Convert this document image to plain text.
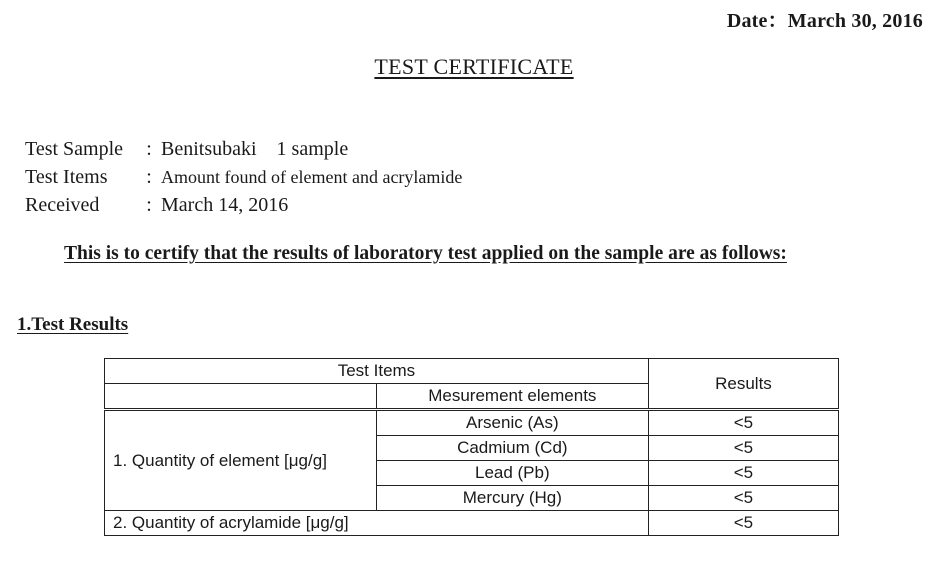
Date：March 30, 2016
TEST CERTIFICATE
Test Sample	: Benitsubaki　1 sample
Test Items	: Amount found of element and acrylamide
Received	: March 14, 2016
This is to certify that the results of laboratory test applied on the sample are as follows:
1.Test Results
Test Items		Results
	Mesurement elements	
1. Quantity of element [μg/g]	Arsenic (As)	<5
	Cadmium (Cd)	<5
	Lead (Pb)	<5
	Mercury (Hg)	<5
2. Quantity of acrylamide [μg/g]		<5
